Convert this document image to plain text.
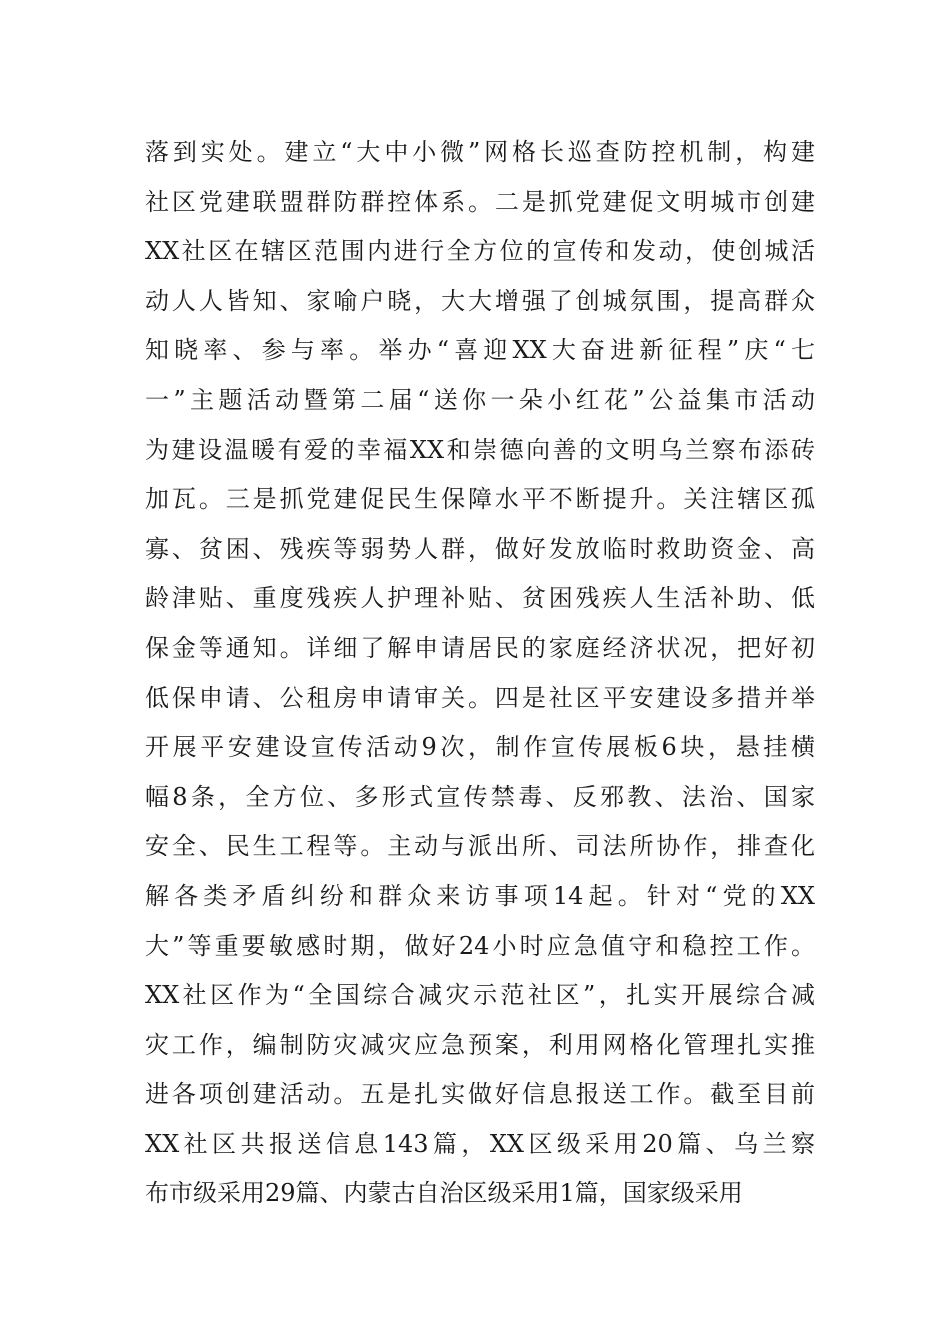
落到实处。建立“大中小微”网格长巡查防控机制，构建
社区党建联盟群防群控体系。二是抓党建促文明城市创建
XX社区在辖区范围内进行全方位的宣传和发动，使创城活
动人人皆知、家喻户晓，大大增强了创城氛围，提高群众
知晓率、参与率。举办“喜迎XX大奋进新征程”庆“七
一”主题活动暨第二届“送你一朵小红花”公益集市活动
为建设温暖有爱的幸福XX和崇德向善的文明乌兰察布添砖
加瓦。三是抓党建促民生保障水平不断提升。关注辖区孤
寡、贫困、残疾等弱势人群，做好发放临时救助资金、高
龄津贴、重度残疾人护理补贴、贫困残疾人生活补助、低
保金等通知。详细了解申请居民的家庭经济状况，把好初
低保申请、公租房申请审关。四是社区平安建设多措并举
开展平安建设宣传活动9次，制作宣传展板6块，悬挂横
幅8条，全方位、多形式宣传禁毒、反邪教、法治、国家
安全、民生工程等。主动与派出所、司法所协作，排查化
解各类矛盾纠纷和群众来访事项14起。针对“党的XX
大”等重要敏感时期，做好24小时应急值守和稳控工作。
XX社区作为“全国综合减灾示范社区”，扎实开展综合减
灾工作，编制防灾减灾应急预案，利用网格化管理扎实推
进各项创建活动。五是扎实做好信息报送工作。截至目前
XX社区共报送信息143篇，XX区级采用20篇、乌兰察
布市级采用29篇、内蒙古自治区级采用1篇，国家级采用
